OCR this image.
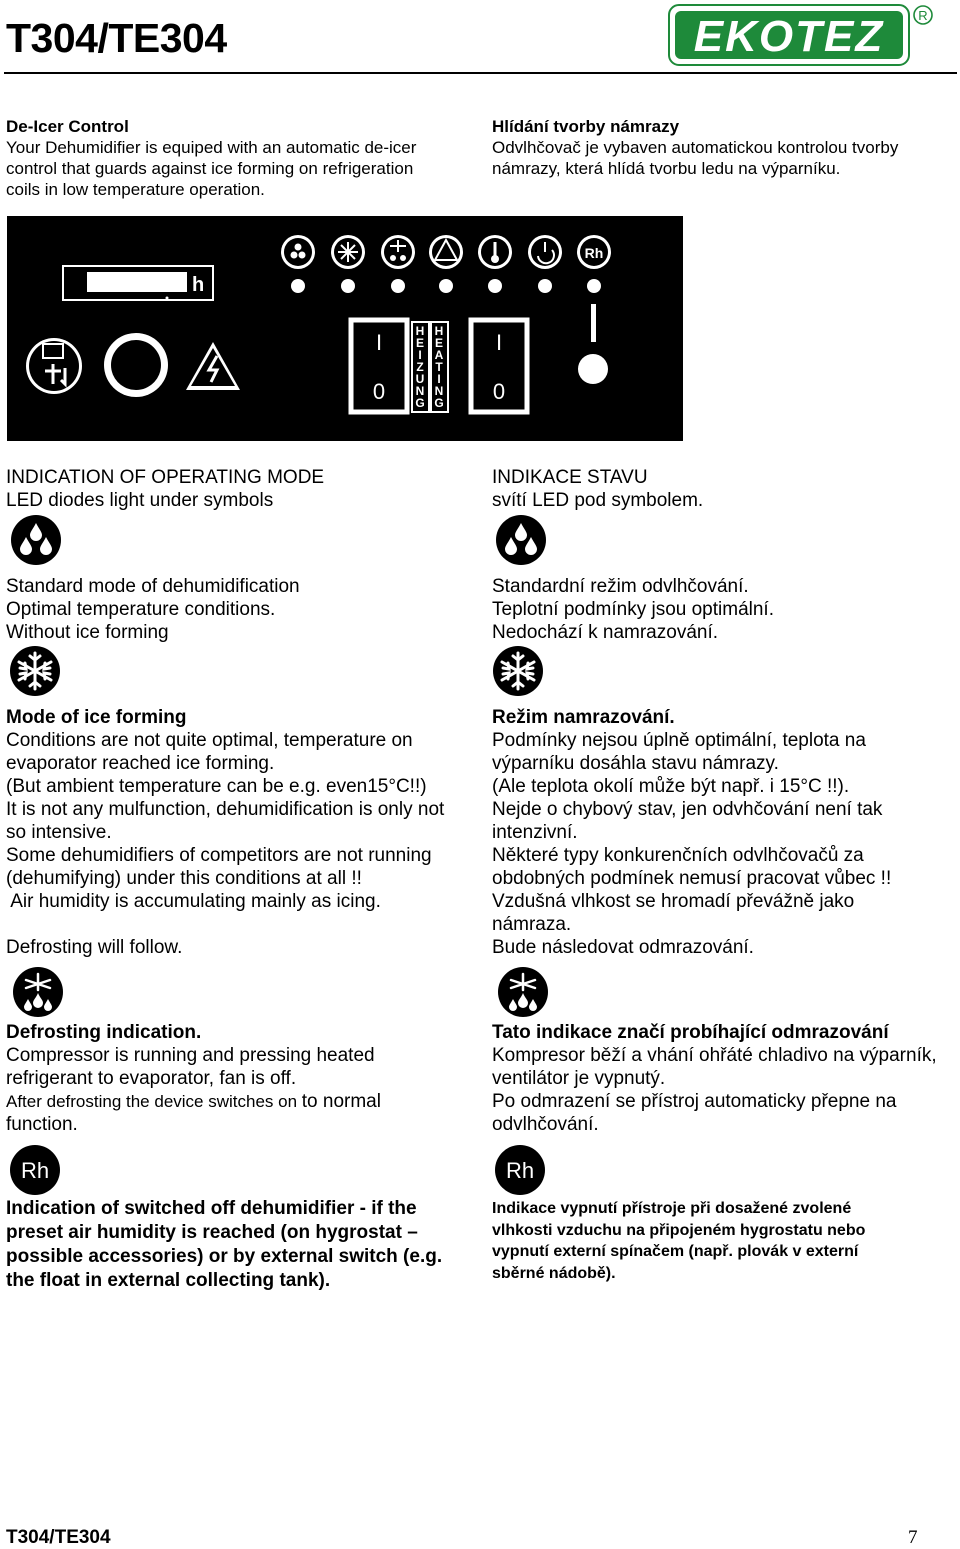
T304/TE304	EKOTEZ	R
De-Icer Control
Your Dehumidifier is equiped with an automatic de-icer
control that guards against ice forming on refrigeration
coils in low temperature operation.
Hlídání tvorby námrazy
Odvlhčovač je vybaven automatickou kontrolou tvorby
námrazy, která hlídá tvorbu ledu na výparníku.
h
Rh
I
0
I
0
H
E
I
Z
U
N
G
H
E
A
T
I
N
G
INDICATION OF OPERATING MODE
LED diodes light under symbols
INDIKACE STAVU
svítí LED pod symbolem.
Standard mode of dehumidification
Optimal temperature conditions.
Without ice forming
Standardní režim odvlhčování.
Teplotní podmínky jsou optimální.
Nedochází k namrazování.
Mode of ice forming
Conditions are not quite optimal, temperature on
evaporator reached ice forming.
(But ambient temperature can be e.g. even15°C!!)
It is not any mulfunction, dehumidification is only not
so intensive.
Some dehumidifiers of competitors are not running
(dehumifying) under this conditions at all !!
Air humidity is accumulating mainly as icing.
Defrosting will follow.
Režim namrazování.
Podmínky nejsou úplně optimální, teplota na
výparníku dosáhla stavu námrazy.
(Ale teplota okolí může být např. i 15°C !!).
Nejde o chybový stav, jen odvhčování není tak
intenzivní.
Některé typy konkurenčních odvlhčovačů za
obdobných podmínek nemusí pracovat vůbec !!
Vzdušná vlhkost se hromadí převážně jako
námraza.
Bude následovat odmrazování.
Defrosting indication.
Compressor is running and pressing heated
refrigerant to evaporator, fan is off.
After defrosting the device switches on to normal
function.
Tato indikace značí probíhající odmrazování
Kompresor běží a vhání ohřáté chladivo na výparník,
ventilátor je vypnutý.
Po odmrazení se přístroj automaticky přepne na
odvlhčování.
Rh	Rh
Indication of switched off dehumidifier - if the
preset air humidity is reached (on hygrostat –
possible accessories) or by external switch (e.g.
the float in external collecting tank).
Indikace vypnutí přístroje při dosažené zvolené
vlhkosti vzduchu na připojeném hygrostatu nebo
vypnutí externí spínačem (např. plovák v externí
sběrné nádobě).
T304/TE304	7
